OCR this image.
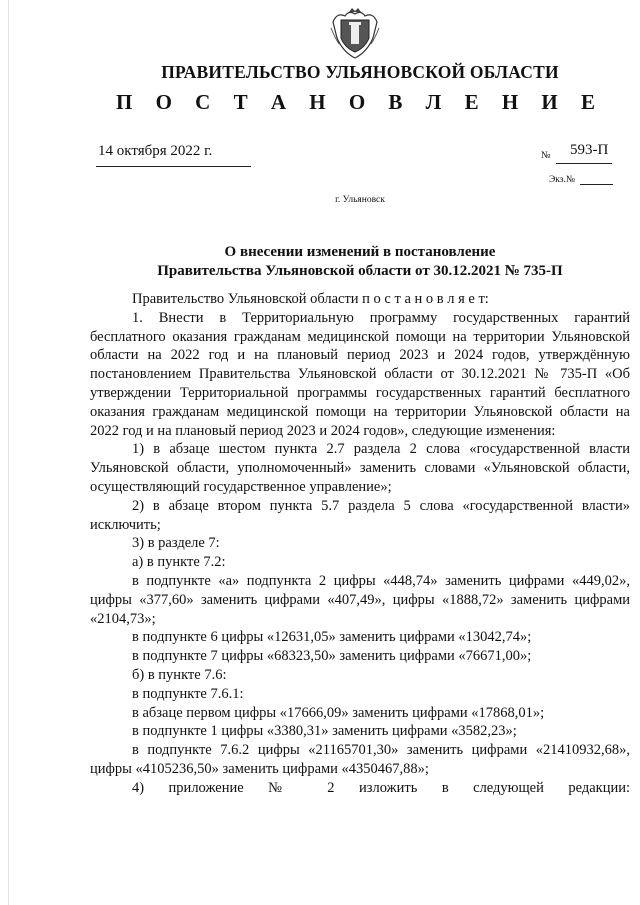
ПРАВИТЕЛЬСТВО УЛЬЯНОВСКОЙ ОБЛАСТИ
П О С Т А Н О В Л Е Н И Е
14 октября 2022 г.	№ 593-П
Экз.№
г. Ульяновск
О внесении изменений в постановление
Правительства Ульяновской области от 30.12.2021 № 735-П

Правительство Ульяновской области п о с т а н о в л я е т:

1. Внести в Территориальную программу государственных гарантий бесплатного оказания гражданам медицинской помощи на территории Ульяновской области на 2022 год и на плановый период 2023 и 2024 годов, утверждённую постановлением Правительства Ульяновской области от 30.12.2021 № 735-П «Об утверждении Территориальной программы государственных гарантий бесплатного оказания гражданам медицинской помощи на территории Ульяновской области на 2022 год и на плановый период 2023 и 2024 годов», следующие изменения:

1) в абзаце шестом пункта 2.7 раздела 2 слова «государственной власти Ульяновской области, уполномоченный» заменить словами «Ульяновской области, осуществляющий государственное управление»;

2) в абзаце втором пункта 5.7 раздела 5 слова «государственной власти» исключить;

3) в разделе 7:

а) в пункте 7.2:

в подпункте «а» подпункта 2 цифры «448,74» заменить цифрами «449,02», цифры «377,60» заменить цифрами «407,49», цифры «1888,72» заменить цифрами «2104,73»;

в подпункте 6 цифры «12631,05» заменить цифрами «13042,74»;

в подпункте 7 цифры «68323,50» заменить цифрами «76671,00»;

б) в пункте 7.6:

в подпункте 7.6.1:

в абзаце первом цифры «17666,09» заменить цифрами «17868,01»;

в подпункте 1 цифры «3380,31» заменить цифрами «3582,23»;

в подпункте 7.6.2 цифры «21165701,30» заменить цифрами «21410932,68», цифры «4105236,50» заменить цифрами «4350467,88»;

4) приложение № 2 изложить в следующей редакции:
